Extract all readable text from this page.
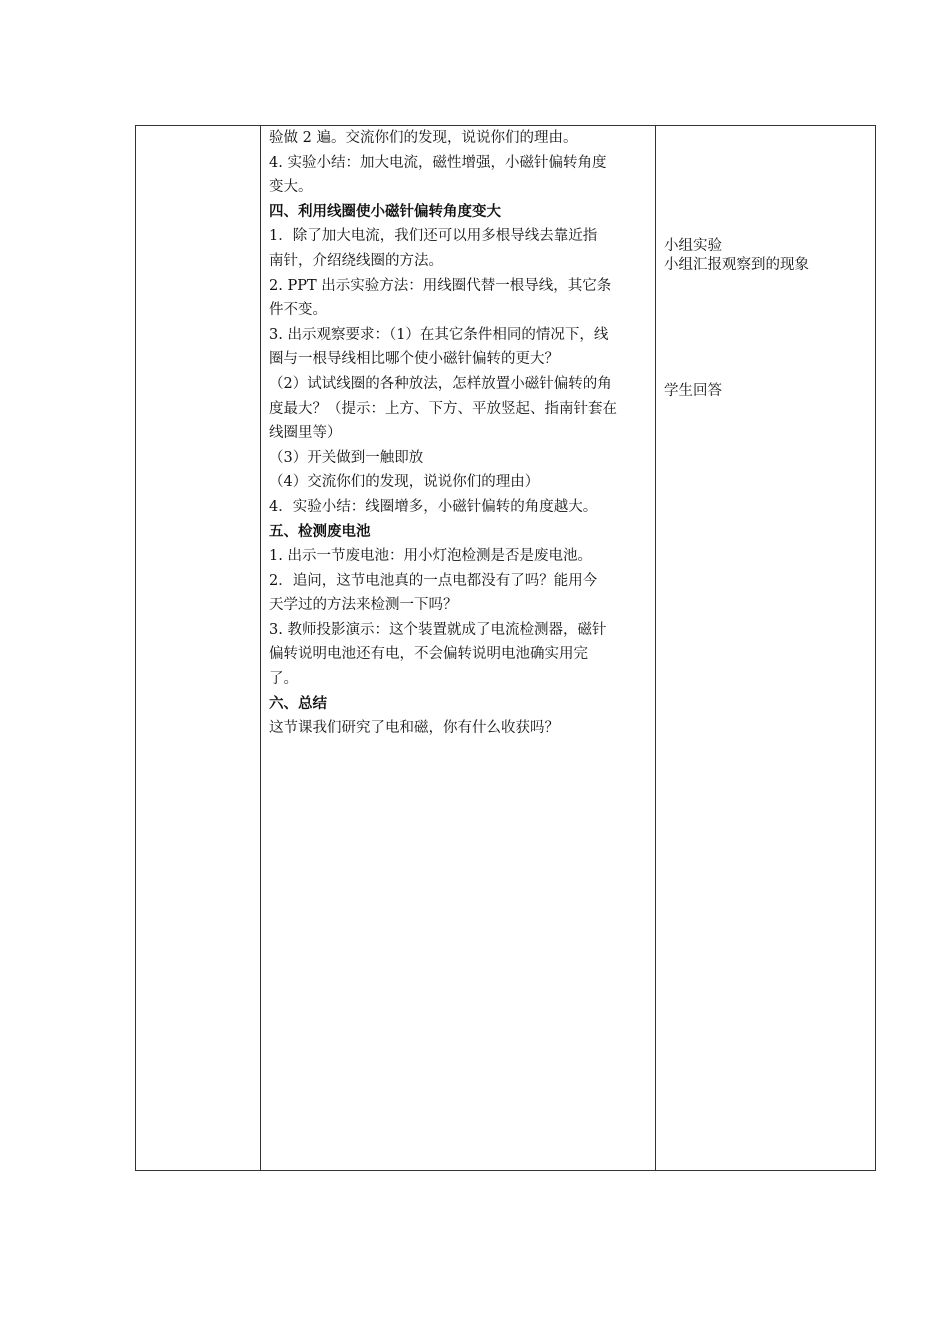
验做 2 遍。交流你们的发现，说说你们的理由。
4. 实验小结：加大电流，磁性增强，小磁针偏转角度
变大。
四、利用线圈使小磁针偏转角度变大
1．除了加大电流，我们还可以用多根导线去靠近指
南针，介绍绕线圈的方法。
2. PPT 出示实验方法：用线圈代替一根导线，其它条
件不变。
3. 出示观察要求：（1）在其它条件相同的情况下，线
圈与一根导线相比哪个使小磁针偏转的更大？
（2）试试线圈的各种放法，怎样放置小磁针偏转的角
度最大？（提示：上方、下方、平放竖起、指南针套在
线圈里等）
（3）开关做到一触即放
（4）交流你们的发现，说说你们的理由）
4．实验小结：线圈增多，小磁针偏转的角度越大。
五、检测废电池
1. 出示一节废电池：用小灯泡检测是否是废电池。
2．追问，这节电池真的一点电都没有了吗？能用今
天学过的方法来检测一下吗？
3. 教师投影演示：这个装置就成了电流检测器，磁针
偏转说明电池还有电，不会偏转说明电池确实用完
了。
六、总结
这节课我们研究了电和磁，你有什么收获吗？
小组实验
小组汇报观察到的现象
学生回答
